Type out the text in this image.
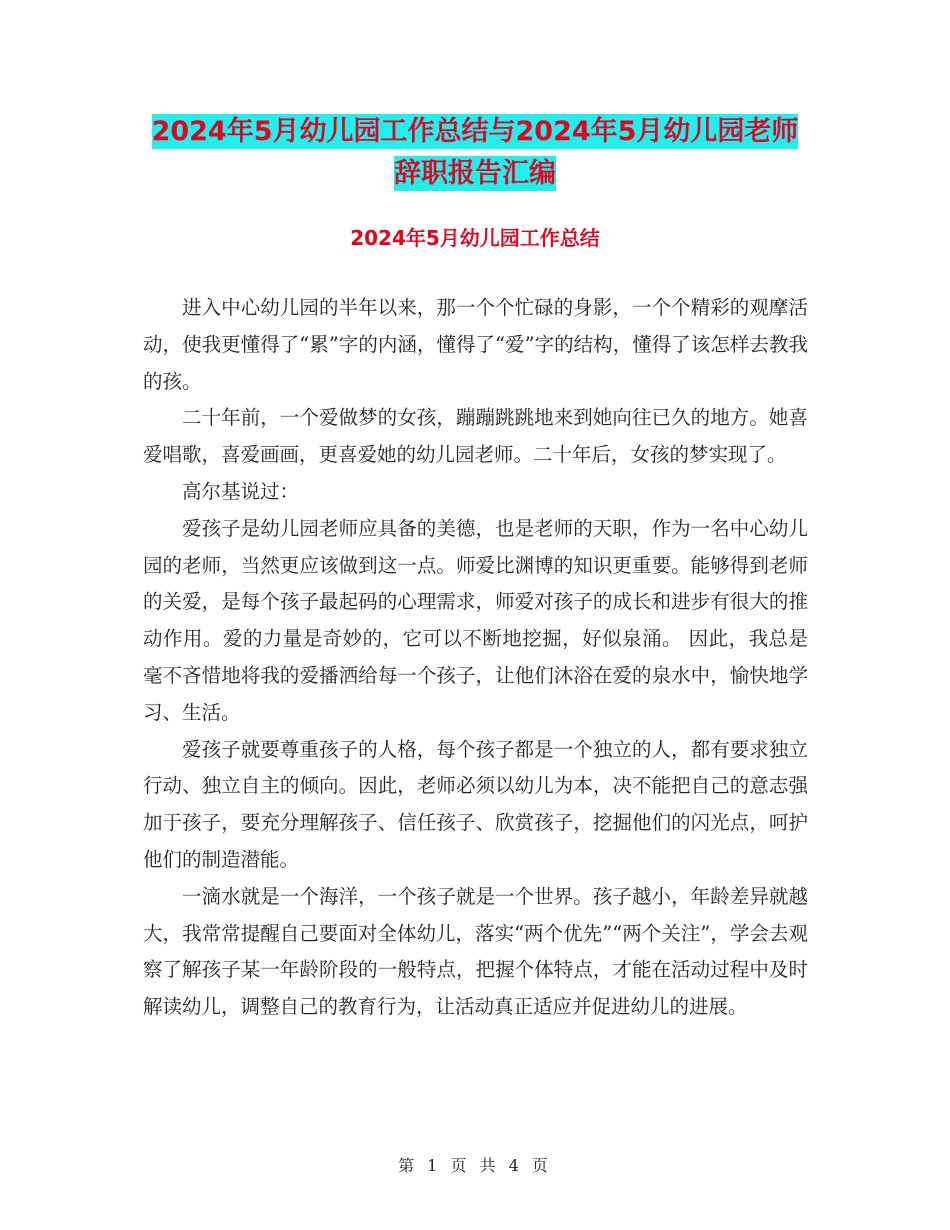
2024年5月幼儿园工作总结与2024年5月幼儿园老师
辞职报告汇编
2024年5月幼儿园工作总结

进入中心幼儿园的半年以来，那一个个忙碌的身影，一个个精彩的观摩活动，使我更懂得了“累”字的内涵，懂得了“爱”字的结构，懂得了该怎样去教我的孩。

二十年前，一个爱做梦的女孩，蹦蹦跳跳地来到她向往已久的地方。她喜爱唱歌，喜爱画画，更喜爱她的幼儿园老师。二十年后，女孩的梦实现了。

高尔基说过：

爱孩子是幼儿园老师应具备的美德，也是老师的天职，作为一名中心幼儿园的老师，当然更应该做到这一点。师爱比渊博的知识更重要。能够得到老师的关爱，是每个孩子最起码的心理需求，师爱对孩子的成长和进步有很大的推动作用。爱的力量是奇妙的，它可以不断地挖掘，好似泉涌。 因此，我总是毫不吝惜地将我的爱播洒给每一个孩子，让他们沐浴在爱的泉水中，愉快地学习、生活。

爱孩子就要尊重孩子的人格，每个孩子都是一个独立的人，都有要求独立行动、独立自主的倾向。因此，老师必须以幼儿为本，决不能把自己的意志强加于孩子，要充分理解孩子、信任孩子、欣赏孩子，挖掘他们的闪光点，呵护他们的制造潜能。

一滴水就是一个海洋，一个孩子就是一个世界。孩子越小，年龄差异就越大，我常常提醒自己要面对全体幼儿，落实“两个优先”“两个关注”，学会去观察了解孩子某一年龄阶段的一般特点，把握个体特点，才能在活动过程中及时解读幼儿，调整自己的教育行为，让活动真正适应并促进幼儿的进展。

第 1 页 共 4 页
